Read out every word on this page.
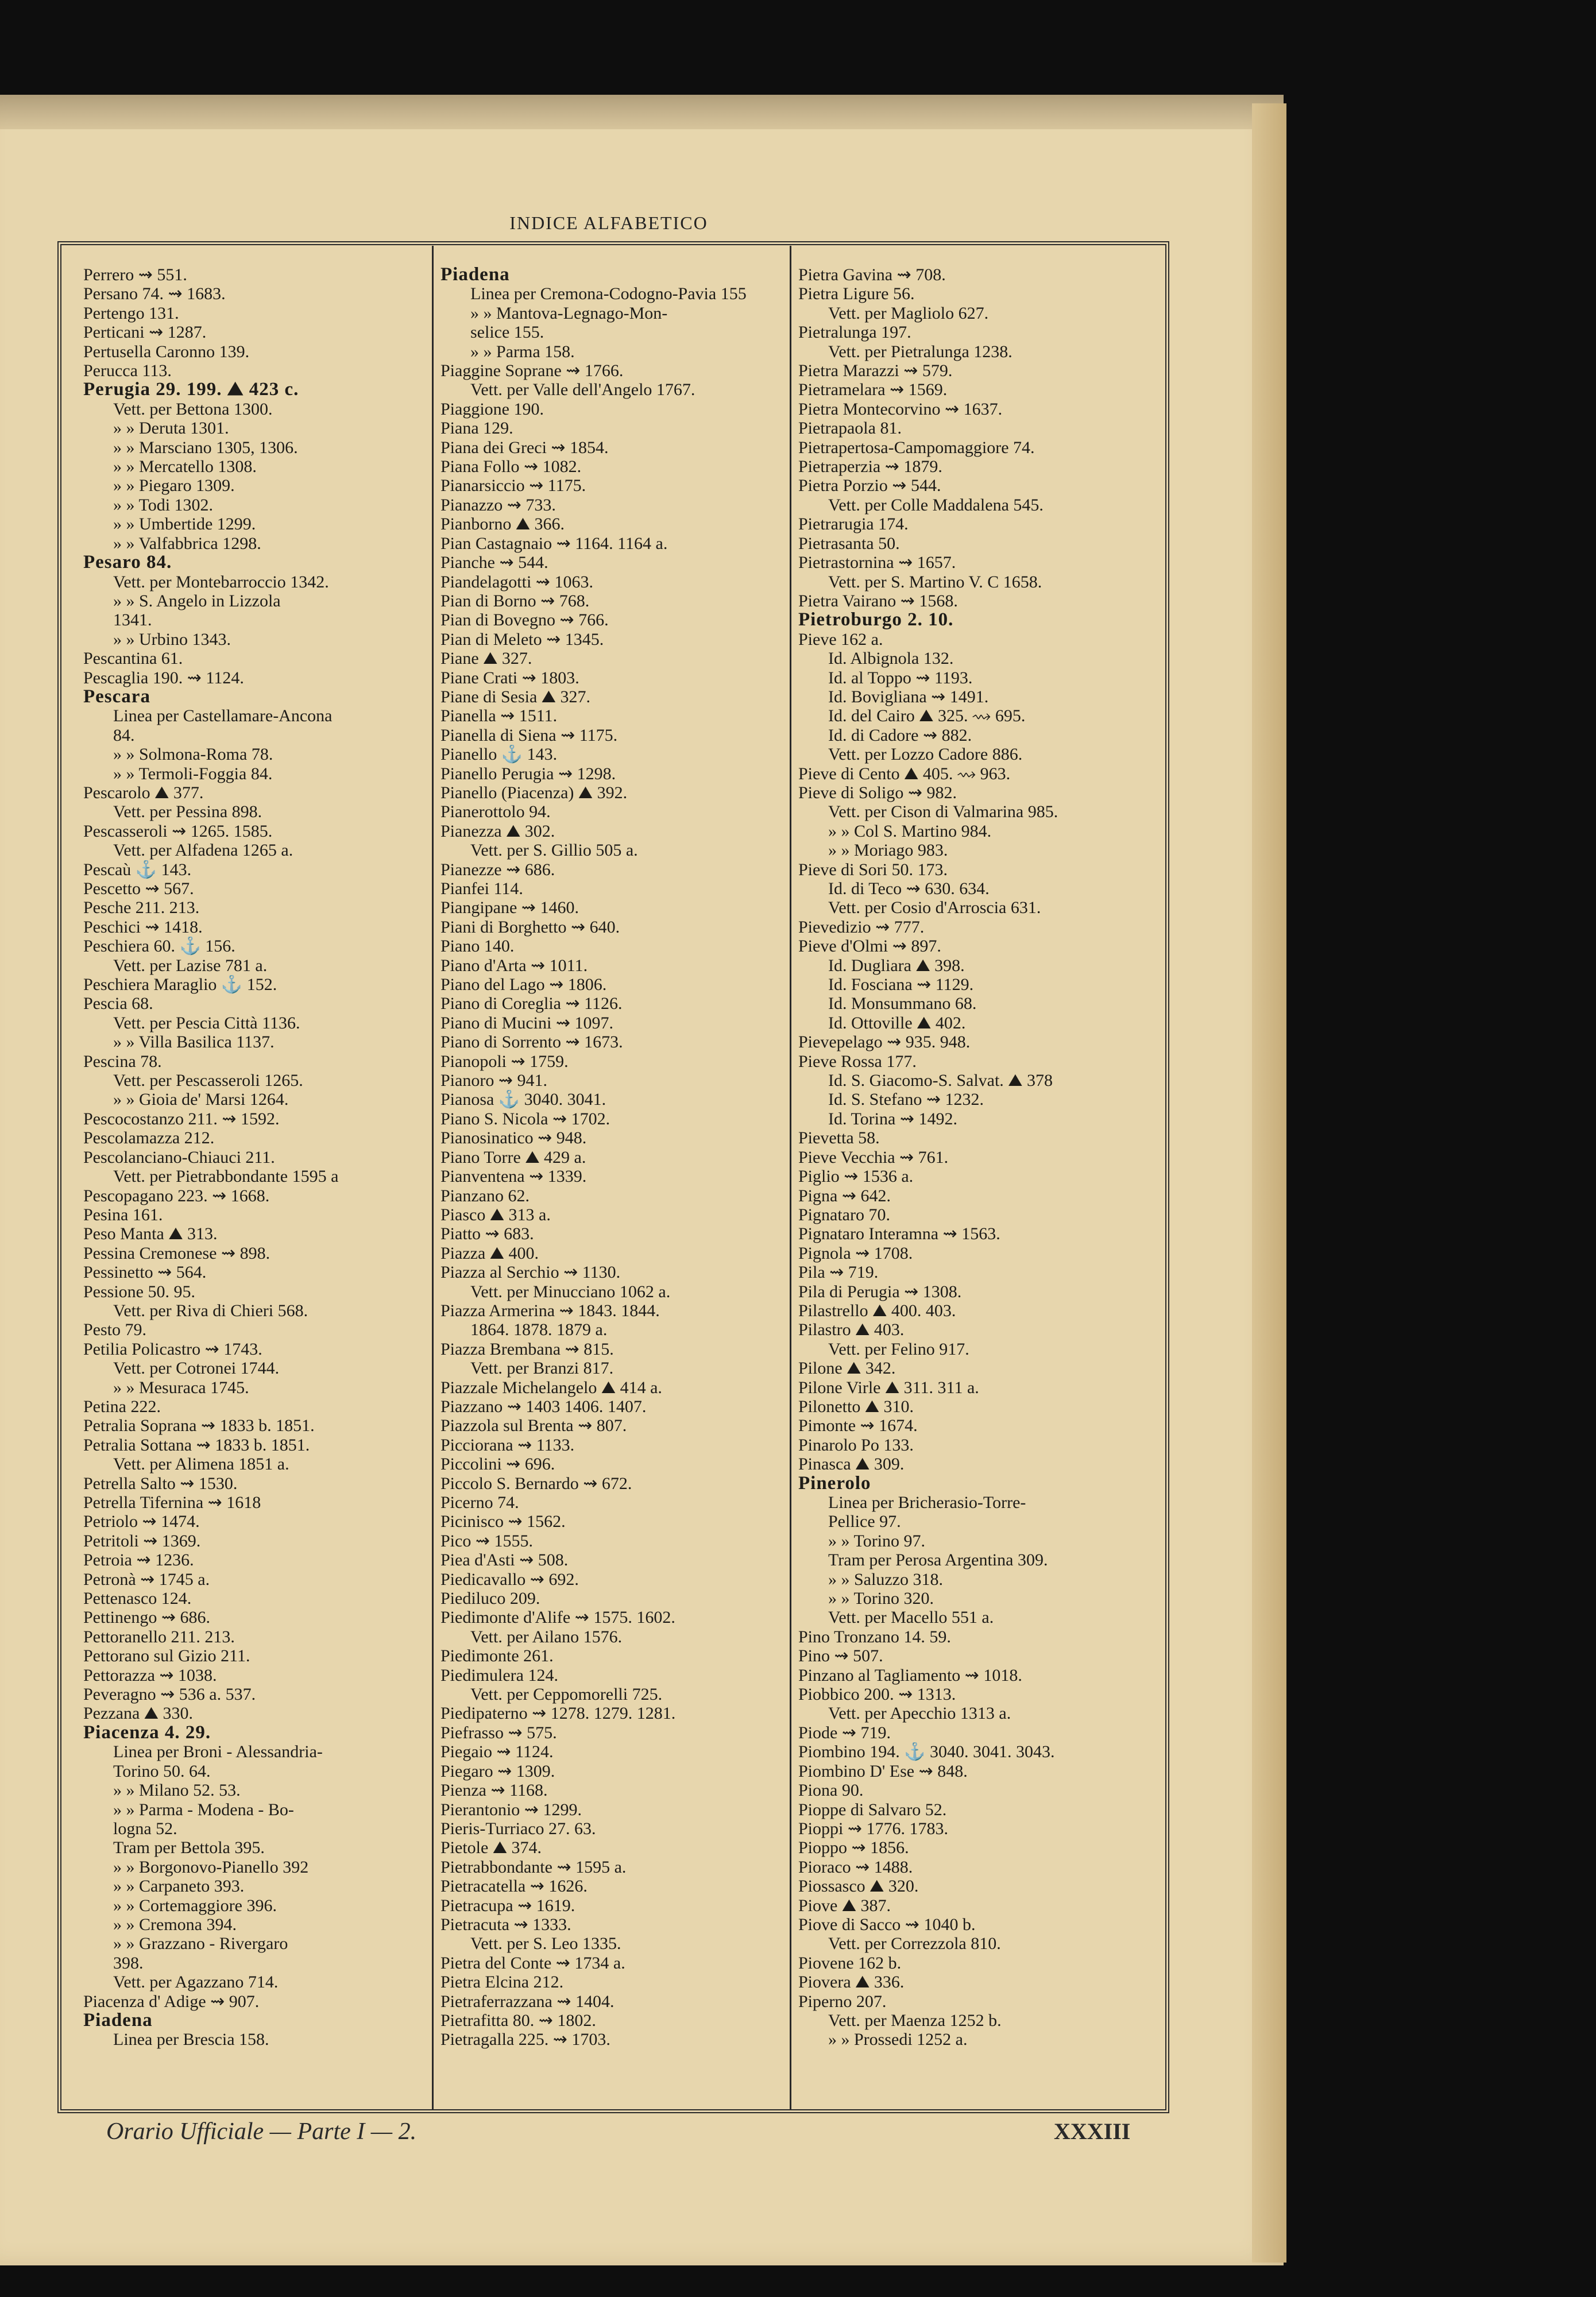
INDICE ALFABETICO
Perrero ⇝ 551.
Persano 74. ⇝ 1683.
Pertengo 131.
Perticani ⇝ 1287.
Pertusella Caronno 139.
Perucca 113.
Perugia 29. 199. ⛰ 423 c.
Vett. per Bettona 1300.
» » Deruta 1301.
» » Marsciano 1305, 1306.
» » Mercatello 1308.
» » Piegaro 1309.
» » Todi 1302.
» » Umbertide 1299.
» » Valfabbrica 1298.
Pesaro 84.
Vett. per Montebarroccio 1342.
» » S. Angelo in Lizzola
1341.
» » Urbino 1343.
Pescantina 61.
Pescaglia 190. ⇝ 1124.
Pescara
Linea per Castellamare-Ancona
84.
» » Solmona-Roma 78.
» » Termoli-Foggia 84.
Pescarolo ⛰ 377.
Vett. per Pessina 898.
Pescasseroli ⇝ 1265. 1585.
Vett. per Alfadena 1265 a.
Pescaù ⚓ 143.
Pescetto ⇝ 567.
Pesche 211. 213.
Peschici ⇝ 1418.
Peschiera 60. ⚓ 156.
Vett. per Lazise 781 a.
Peschiera Maraglio ⚓ 152.
Pescia 68.
Vett. per Pescia Città 1136.
» » Villa Basilica 1137.
Pescina 78.
Vett. per Pescasseroli 1265.
» » Gioia de' Marsi 1264.
Pescocostanzo 211. ⇝ 1592.
Pescolamazza 212.
Pescolanciano-Chiauci 211.
Vett. per Pietrabbondante 1595 a
Pescopagano 223. ⇝ 1668.
Pesina 161.
Peso Manta ⛰ 313.
Pessina Cremonese ⇝ 898.
Pessinetto ⇝ 564.
Pessione 50. 95.
Vett. per Riva di Chieri 568.
Pesto 79.
Petilia Policastro ⇝ 1743.
Vett. per Cotronei 1744.
» » Mesuraca 1745.
Petina 222.
Petralia Soprana ⇝ 1833 b. 1851.
Petralia Sottana ⇝ 1833 b. 1851.
Vett. per Alimena 1851 a.
Petrella Salto ⇝ 1530.
Petrella Tifernina ⇝ 1618
Petriolo ⇝ 1474.
Petritoli ⇝ 1369.
Petroia ⇝ 1236.
Petronà ⇝ 1745 a.
Pettenasco 124.
Pettinengo ⇝ 686.
Pettoranello 211. 213.
Pettorano sul Gizio 211.
Pettorazza ⇝ 1038.
Peveragno ⇝ 536 a. 537.
Pezzana ⛰ 330.
Piacenza 4. 29.
Linea per Broni - Alessandria-
Torino 50. 64.
» » Milano 52. 53.
» » Parma - Modena - Bo-
logna 52.
Tram per Bettola 395.
» » Borgonovo-Pianello 392
» » Carpaneto 393.
» » Cortemaggiore 396.
» » Cremona 394.
» » Grazzano - Rivergaro
398.
Vett. per Agazzano 714.
Piacenza d' Adige ⇝ 907.
Piadena
Linea per Brescia 158.
Piadena
Linea per Cremona-Codogno-Pavia 155
» » Mantova-Legnago-Mon-
selice 155.
» » Parma 158.
Piaggine Soprane ⇝ 1766.
Vett. per Valle dell'Angelo 1767.
Piaggione 190.
Piana 129.
Piana dei Greci ⇝ 1854.
Piana Follo ⇝ 1082.
Pianarsiccio ⇝ 1175.
Pianazzo ⇝ 733.
Pianborno ⛰ 366.
Pian Castagnaio ⇝ 1164. 1164 a.
Pianche ⇝ 544.
Piandelagotti ⇝ 1063.
Pian di Borno ⇝ 768.
Pian di Bovegno ⇝ 766.
Pian di Meleto ⇝ 1345.
Piane ⛰ 327.
Piane Crati ⇝ 1803.
Piane di Sesia ⛰ 327.
Pianella ⇝ 1511.
Pianella di Siena ⇝ 1175.
Pianello ⚓ 143.
Pianello Perugia ⇝ 1298.
Pianello (Piacenza) ⛰ 392.
Pianerottolo 94.
Pianezza ⛰ 302.
Vett. per S. Gillio 505 a.
Pianezze ⇝ 686.
Pianfei 114.
Piangipane ⇝ 1460.
Piani di Borghetto ⇝ 640.
Piano 140.
Piano d'Arta ⇝ 1011.
Piano del Lago ⇝ 1806.
Piano di Coreglia ⇝ 1126.
Piano di Mucini ⇝ 1097.
Piano di Sorrento ⇝ 1673.
Pianopoli ⇝ 1759.
Pianoro ⇝ 941.
Pianosa ⚓ 3040. 3041.
Piano S. Nicola ⇝ 1702.
Pianosinatico ⇝ 948.
Piano Torre ⛰ 429 a.
Pianventena ⇝ 1339.
Pianzano 62.
Piasco ⛰ 313 a.
Piatto ⇝ 683.
Piazza ⛰ 400.
Piazza al Serchio ⇝ 1130.
Vett. per Minucciano 1062 a.
Piazza Armerina ⇝ 1843. 1844.
1864. 1878. 1879 a.
Piazza Brembana ⇝ 815.
Vett. per Branzi 817.
Piazzale Michelangelo ⛰ 414 a.
Piazzano ⇝ 1403 1406. 1407.
Piazzola sul Brenta ⇝ 807.
Picciorana ⇝ 1133.
Piccolini ⇝ 696.
Piccolo S. Bernardo ⇝ 672.
Picerno 74.
Picinisco ⇝ 1562.
Pico ⇝ 1555.
Piea d'Asti ⇝ 508.
Piedicavallo ⇝ 692.
Piediluco 209.
Piedimonte d'Alife ⇝ 1575. 1602.
Vett. per Ailano 1576.
Piedimonte 261.
Piedimulera 124.
Vett. per Ceppomorelli 725.
Piedipaterno ⇝ 1278. 1279. 1281.
Piefrasso ⇝ 575.
Piegaio ⇝ 1124.
Piegaro ⇝ 1309.
Pienza ⇝ 1168.
Pierantonio ⇝ 1299.
Pieris-Turriaco 27. 63.
Pietole ⛰ 374.
Pietrabbondante ⇝ 1595 a.
Pietracatella ⇝ 1626.
Pietracupa ⇝ 1619.
Pietracuta ⇝ 1333.
Vett. per S. Leo 1335.
Pietra del Conte ⇝ 1734 a.
Pietra Elcina 212.
Pietraferrazzana ⇝ 1404.
Pietrafitta 80. ⇝ 1802.
Pietragalla 225. ⇝ 1703.
Pietra Gavina ⇝ 708.
Pietra Ligure 56.
Vett. per Magliolo 627.
Pietralunga 197.
Vett. per Pietralunga 1238.
Pietra Marazzi ⇝ 579.
Pietramelara ⇝ 1569.
Pietra Montecorvino ⇝ 1637.
Pietrapaola 81.
Pietrapertosa-Campomaggiore 74.
Pietraperzia ⇝ 1879.
Pietra Porzio ⇝ 544.
Vett. per Colle Maddalena 545.
Pietrarugia 174.
Pietrasanta 50.
Pietrastornina ⇝ 1657.
Vett. per S. Martino V. C 1658.
Pietra Vairano ⇝ 1568.
Pietroburgo 2. 10.
Pieve 162 a.
Id. Albignola 132.
Id. al Toppo ⇝ 1193.
Id. Bovigliana ⇝ 1491.
Id. del Cairo ⛰ 325. ⇝ 695.
Id. di Cadore ⇝ 882.
Vett. per Lozzo Cadore 886.
Pieve di Cento ⛰ 405. ⇝ 963.
Pieve di Soligo ⇝ 982.
Vett. per Cison di Valmarina 985.
» » Col S. Martino 984.
» » Moriago 983.
Pieve di Sori 50. 173.
Id. di Teco ⇝ 630. 634.
Vett. per Cosio d'Arroscia 631.
Pievedizio ⇝ 777.
Pieve d'Olmi ⇝ 897.
Id. Dugliara ⛰ 398.
Id. Fosciana ⇝ 1129.
Id. Monsummano 68.
Id. Ottoville ⛰ 402.
Pievepelago ⇝ 935. 948.
Pieve Rossa 177.
Id. S. Giacomo-S. Salvat. ⛰ 378
Id. S. Stefano ⇝ 1232.
Id. Torina ⇝ 1492.
Pievetta 58.
Pieve Vecchia ⇝ 761.
Piglio ⇝ 1536 a.
Pigna ⇝ 642.
Pignataro 70.
Pignataro Interamna ⇝ 1563.
Pignola ⇝ 1708.
Pila ⇝ 719.
Pila di Perugia ⇝ 1308.
Pilastrello ⛰ 400. 403.
Pilastro ⛰ 403.
Vett. per Felino 917.
Pilone ⛰ 342.
Pilone Virle ⛰ 311. 311 a.
Pilonetto ⛰ 310.
Pimonte ⇝ 1674.
Pinarolo Po 133.
Pinasca ⛰ 309.
Pinerolo
Linea per Bricherasio-Torre-
Pellice 97.
» » Torino 97.
Tram per Perosa Argentina 309.
» » Saluzzo 318.
» » Torino 320.
Vett. per Macello 551 a.
Pino Tronzano 14. 59.
Pino ⇝ 507.
Pinzano al Tagliamento ⇝ 1018.
Piobbico 200. ⇝ 1313.
Vett. per Apecchio 1313 a.
Piode ⇝ 719.
Piombino 194. ⚓ 3040. 3041. 3043.
Piombino D' Ese ⇝ 848.
Piona 90.
Pioppe di Salvaro 52.
Pioppi ⇝ 1776. 1783.
Pioppo ⇝ 1856.
Pioraco ⇝ 1488.
Piossasco ⛰ 320.
Piove ⛰ 387.
Piove di Sacco ⇝ 1040 b.
Vett. per Correzzola 810.
Piovene 162 b.
Piovera ⛰ 336.
Piperno 207.
Vett. per Maenza 1252 b.
» » Prossedi 1252 a.
Orario Ufficiale — Parte I — 2.	XXXIII
